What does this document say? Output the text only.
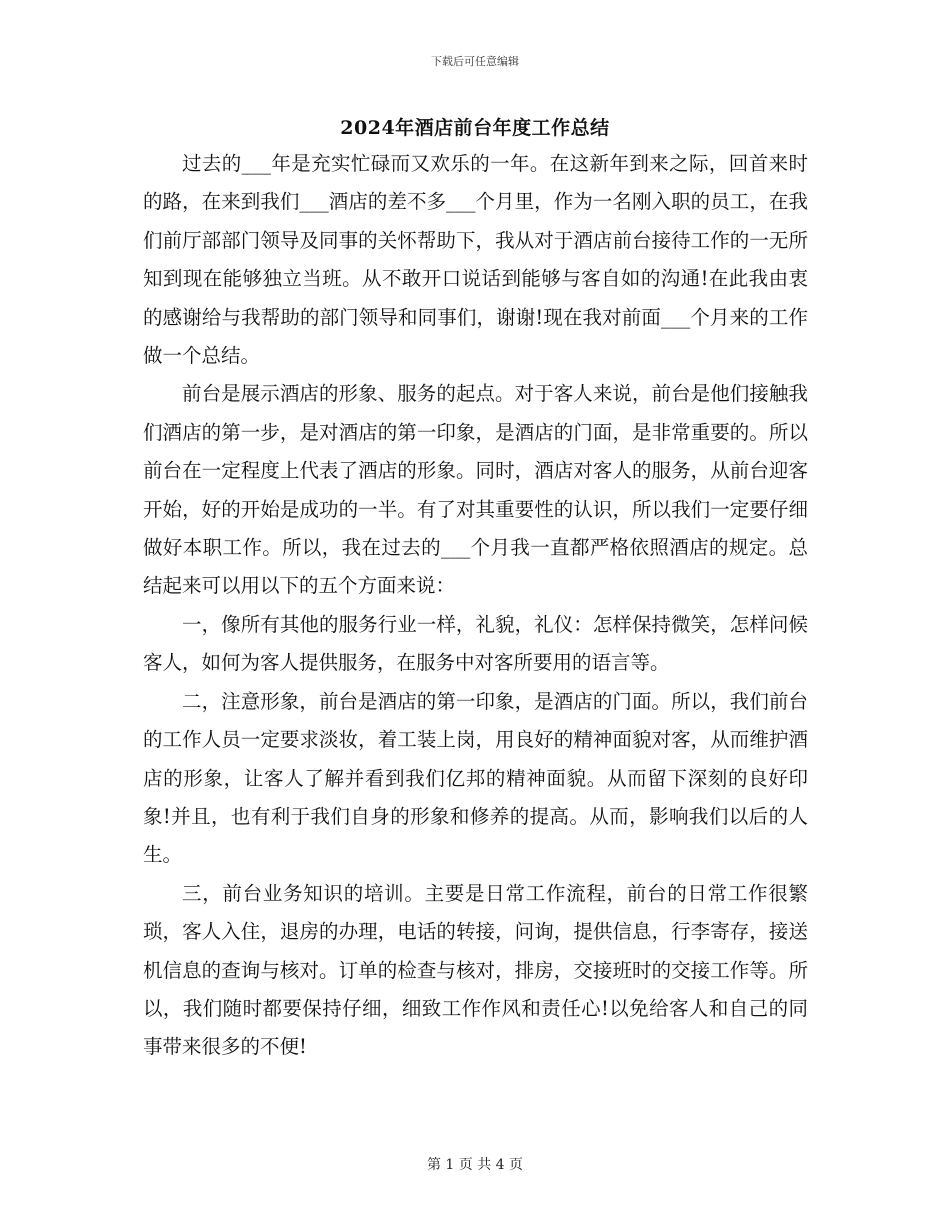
下载后可任意编辑
2024年酒店前台年度工作总结

过去的___年是充实忙碌而又欢乐的一年。在这新年到来之际，回首来时的路，在来到我们___酒店的差不多___个月里，作为一名刚入职的员工，在我们前厅部部门领导及同事的关怀帮助下，我从对于酒店前台接待工作的一无所知到现在能够独立当班。从不敢开口说话到能够与客自如的沟通!在此我由衷的感谢给与我帮助的部门领导和同事们，谢谢!现在我对前面___个月来的工作做一个总结。

前台是展示酒店的形象、服务的起点。对于客人来说，前台是他们接触我们酒店的第一步，是对酒店的第一印象，是酒店的门面，是非常重要的。所以前台在一定程度上代表了酒店的形象。同时，酒店对客人的服务，从前台迎客开始，好的开始是成功的一半。有了对其重要性的认识，所以我们一定要仔细做好本职工作。所以，我在过去的___个月我一直都严格依照酒店的规定。总结起来可以用以下的五个方面来说：

一，像所有其他的服务行业一样，礼貌，礼仪：怎样保持微笑，怎样问候客人，如何为客人提供服务，在服务中对客所要用的语言等。

二，注意形象，前台是酒店的第一印象，是酒店的门面。所以，我们前台的工作人员一定要求淡妆，着工装上岗，用良好的精神面貌对客，从而维护酒店的形象，让客人了解并看到我们亿邦的精神面貌。从而留下深刻的良好印象!并且，也有利于我们自身的形象和修养的提高。从而，影响我们以后的人生。

三，前台业务知识的培训。主要是日常工作流程，前台的日常工作很繁琐，客人入住，退房的办理，电话的转接，问询，提供信息，行李寄存，接送机信息的查询与核对。订单的检查与核对，排房，交接班时的交接工作等。所以，我们随时都要保持仔细，细致工作作风和责任心!以免给客人和自己的同事带来很多的不便!

第 1 页 共 4 页
